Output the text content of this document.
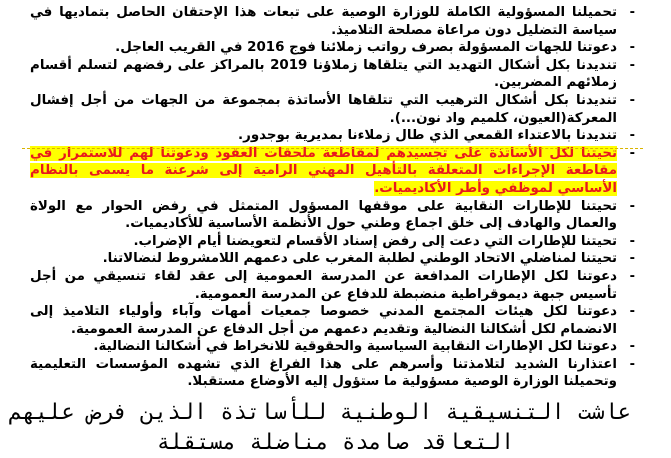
-
تحميلنا المسؤولية الكاملة للوزارة الوصية على تبعات هذا الإحتقان الحاصل بتماديها في سياسة التضليل دون مراعاة مصلحة التلاميذ.
-
دعوتنا للجهات المسؤولة بصرف رواتب زملائنا فوج 2016 في القريب العاجل.
-
تنديدنا بكل أشكال التهديد التي يتلقاها زملاؤنا 2019 بالمراكز على رفضهم لتسلم أقسام زملائهم المضربين.
-
تنديدنا بكل أشكال الترهيب التي تتلقاها الأساتذة بمجموعة من الجهات من أجل إفشال المعركة(العيون، كلميم واد نون...).
-
تنديدنا بالاعتداء القمعي الذي طال زملاءنا بمديرية بوجدور.
-
تحيتنا لكل الأساتذة على تجسيدهم لمقاطعة ملحقات العقود ودعوتنا لهم للاستمرار في مقاطعة الإجراءات المتعلقة بالتأهيل المهني الرامية إلى شرعنة ما يسمى بالنظام الأساسي لموظفي وأطر الأكاديميات.
-
تحيتنا للإطارات النقابية على موقفها المسؤول المتمثل في رفض الحوار مع الولاة والعمال والهادف إلى خلق اجماع وطني حول الأنظمة الأساسية للأكاديميات.
-
تحيتنا للإطارات التي دعت إلى رفض إسناد الأقسام لتعويضنا أيام الإضراب.
-
تحيتنا لمناضلي الاتحاد الوطني لطلبة المغرب على دعمهم اللامشروط لنضالاتنا.
-
دعوتنا لكل الإطارات المدافعة عن المدرسة العمومية إلى عقد لقاء تنسيقي من أجل تأسيس جبهة ديموقراطية منضبطة للدفاع عن المدرسة العمومية.
-
دعوتنا لكل هيئات المجتمع المدني خصوصا جمعيات أمهات وآباء وأولياء التلاميذ إلى الانضمام لكل أشكالنا النضالية وتقديم دعمهم من أجل الدفاع عن المدرسة العمومية.
-
دعوتنا لكل الإطارات النقابية السياسية والحقوقية للانخراط في أشكالنا النضالية.
-
اعتذارنا الشديد لتلامذتنا وأسرهم على هذا الفراغ الذي تشهده المؤسسات التعليمية وتحميلنا الوزارة الوصية مسؤولية ما ستؤول إليه الأوضاع مستقبلا.
عاشت التنسيقية الوطنية للأساتذة الذين فرض عليهم
التعاقد صامدة مناضلة مستقلة
